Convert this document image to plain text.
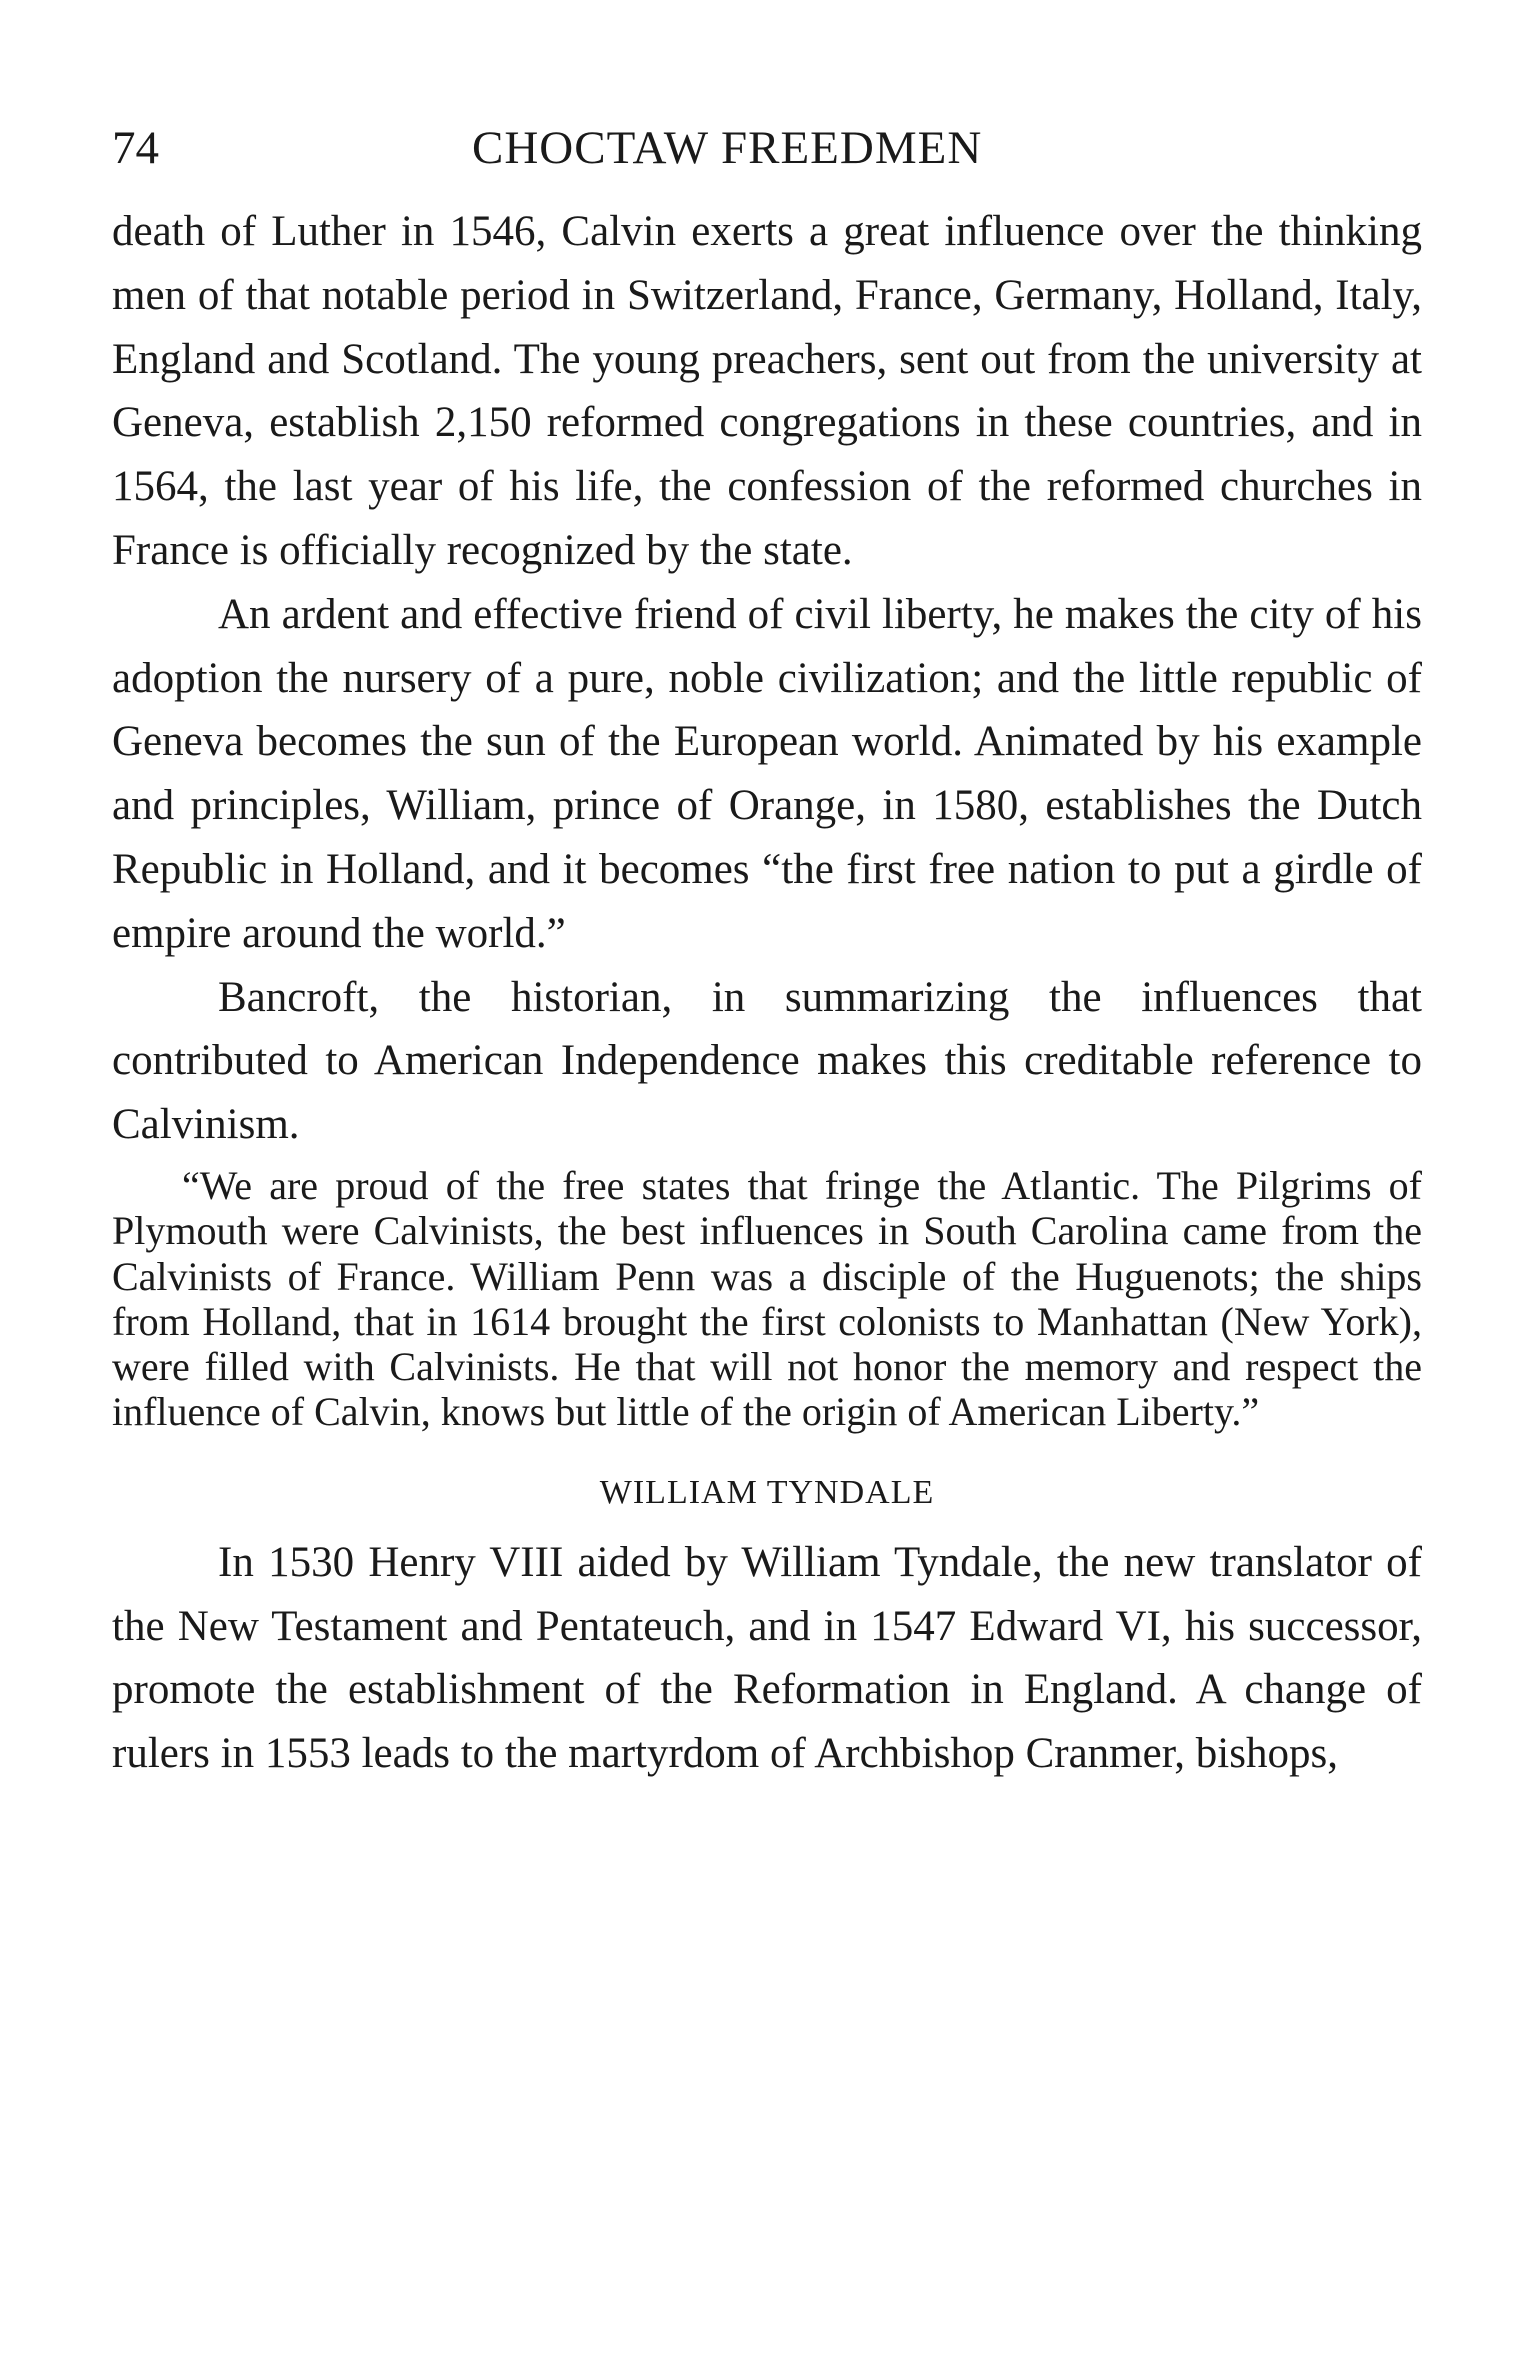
74	CHOCTAW FREEDMEN

death of Luther in 1546, Calvin exerts a great influence over the thinking men of that notable period in Switzerland, France, Germany, Holland, Italy, England and Scotland. The young preachers, sent out from the university at Geneva, establish 2,150 reformed congregations in these countries, and in 1564, the last year of his life, the confession of the reformed churches in France is officially recognized by the state.

An ardent and effective friend of civil liberty, he makes the city of his adoption the nursery of a pure, noble civilization; and the little republic of Geneva becomes the sun of the European world. Animated by his example and principles, William, prince of Orange, in 1580, establishes the Dutch Republic in Holland, and it becomes “the first free nation to put a girdle of empire around the world.”

Bancroft, the historian, in summarizing the influences that contributed to American Independence makes this creditable reference to Calvinism.

“We are proud of the free states that fringe the Atlantic. The Pilgrims of Plymouth were Calvinists, the best influences in South Carolina came from the Calvinists of France. William Penn was a disciple of the Huguenots; the ships from Holland, that in 1614 brought the first colonists to Manhattan (New York), were filled with Calvinists. He that will not honor the memory and respect the influence of Calvin, knows but little of the origin of American Liberty.”

WILLIAM TYNDALE

In 1530 Henry VIII aided by William Tyndale, the new translator of the New Testament and Pentateuch, and in 1547 Edward VI, his successor, promote the establishment of the Reformation in England. A change of rulers in 1553 leads to the martyrdom of Archbishop Cranmer, bishops,
